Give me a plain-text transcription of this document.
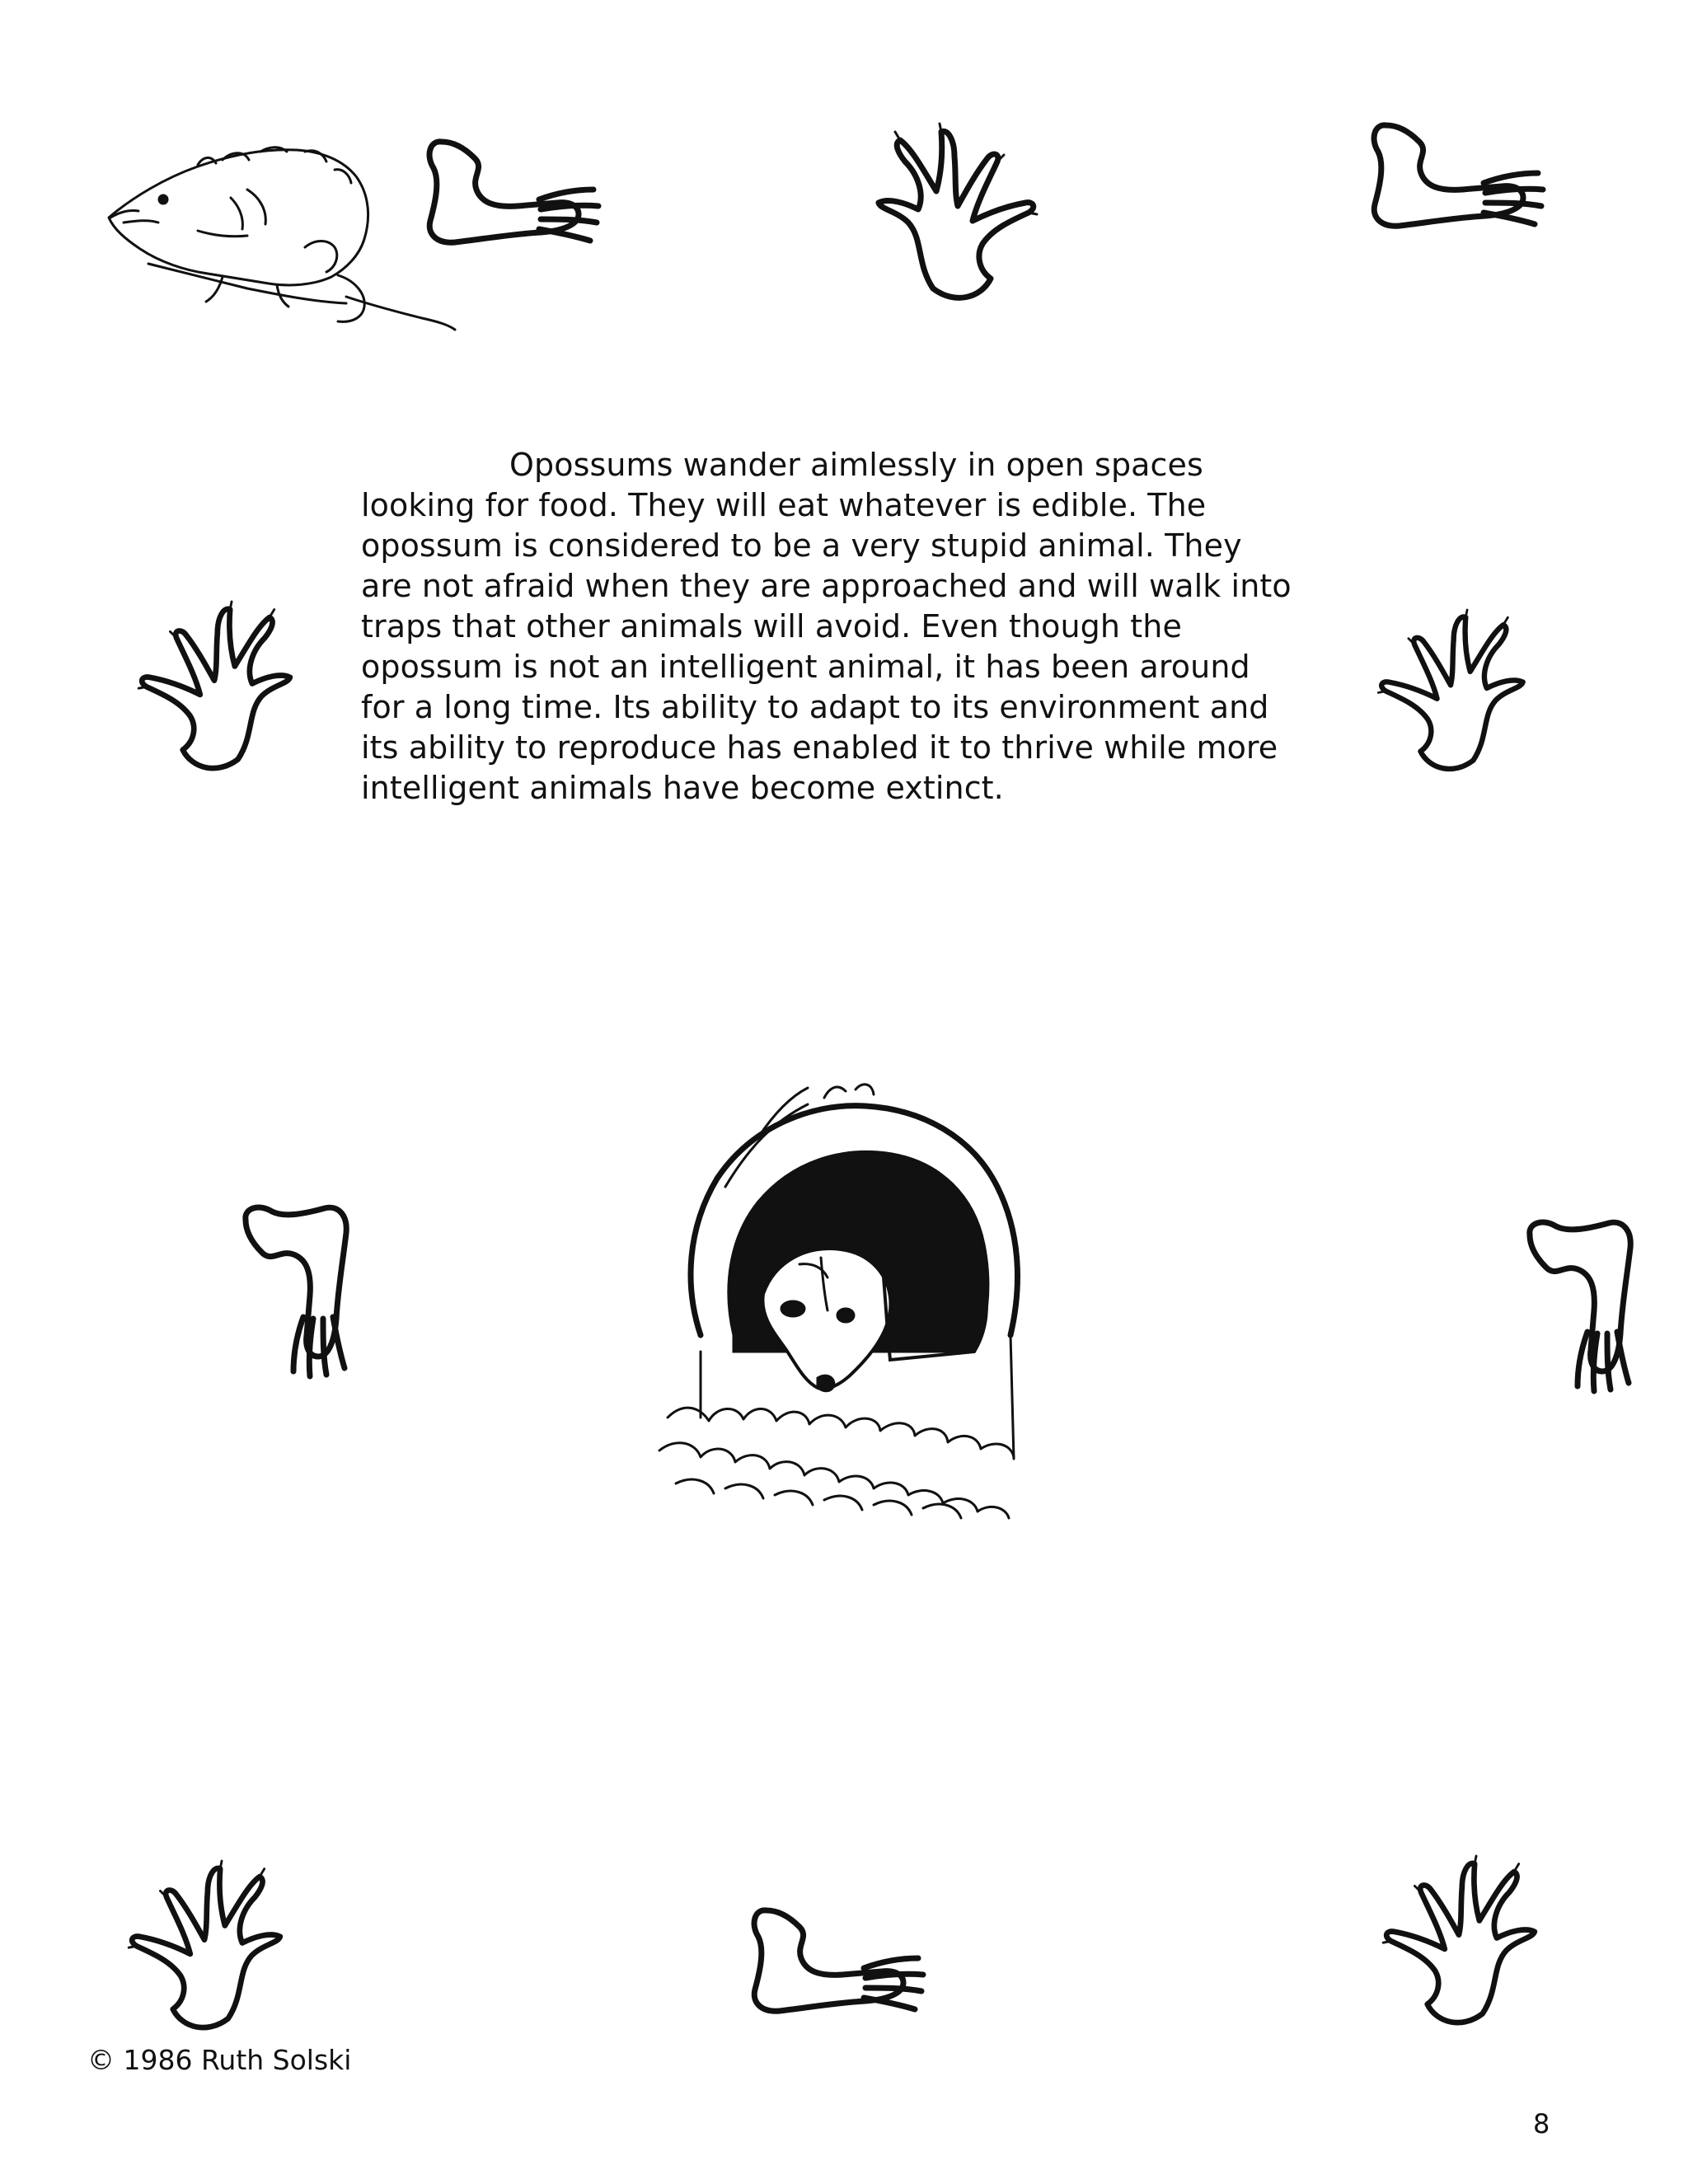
Opossums wander aimlessly in open spaces looking for food. They will eat whatever is edible. The opossum is considered to be a very stupid animal. They are not afraid when they are approached and will walk into traps that other animals will avoid. Even though the opossum is not an intelligent animal, it has been around for a long time. Its ability to adapt to its environment and its ability to reproduce has enabled it to thrive while more intelligent animals have become extinct.

© 1986 Ruth Solski
8
